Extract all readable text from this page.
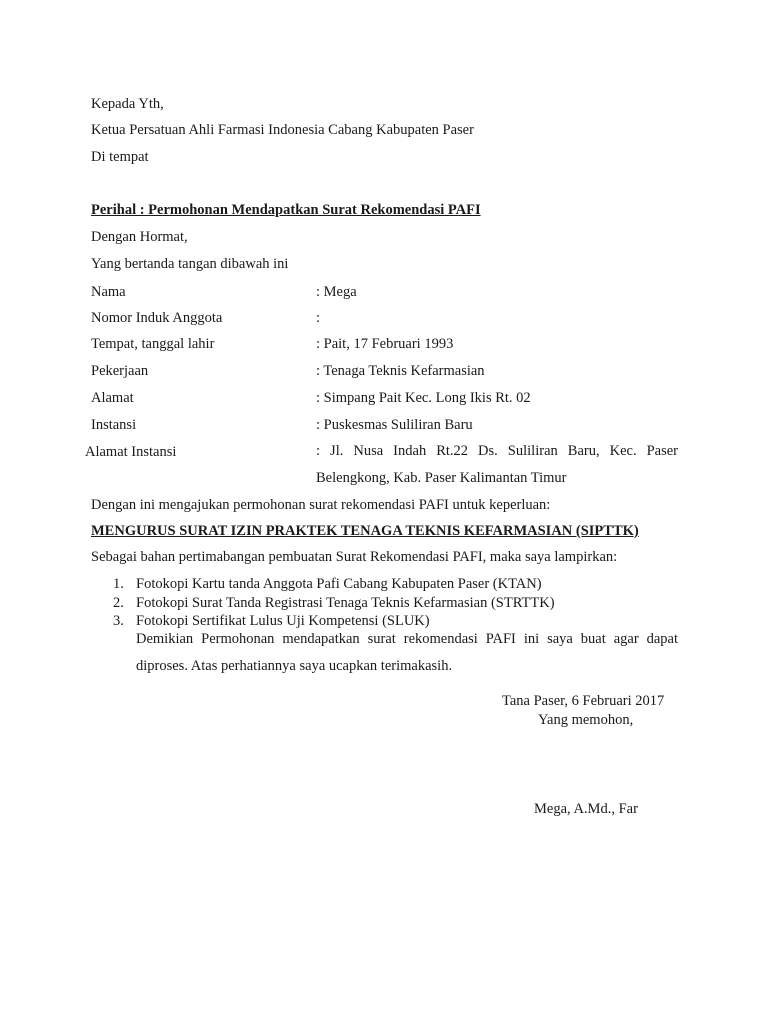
Kepada Yth,
Ketua Persatuan Ahli Farmasi Indonesia Cabang Kabupaten Paser
Di tempat
Perihal : Permohonan Mendapatkan Surat Rekomendasi PAFI
Dengan Hormat,
Yang bertanda tangan dibawah ini
Nama	: Mega
Nomor Induk Anggota	:
Tempat, tanggal lahir	: Pait, 17 Februari 1993
Pekerjaan	: Tenaga Teknis Kefarmasian
Alamat	: Simpang Pait Kec. Long Ikis Rt. 02
Instansi	: Puskesmas Suliliran Baru
Alamat Instansi	: Jl. Nusa Indah Rt.22 Ds. Suliliran Baru, Kec. Paser Belengkong, Kab. Paser Kalimantan Timur
Dengan ini mengajukan permohonan surat rekomendasi PAFI untuk keperluan:
MENGURUS SURAT IZIN PRAKTEK TENAGA TEKNIS KEFARMASIAN (SIPTTK)
Sebagai bahan pertimabangan pembuatan Surat Rekomendasi PAFI, maka saya lampirkan:
1. Fotokopi Kartu tanda Anggota Pafi Cabang Kabupaten Paser (KTAN)
2. Fotokopi Surat Tanda Registrasi Tenaga Teknis Kefarmasian (STRTTK)
3. Fotokopi Sertifikat Lulus Uji Kompetensi (SLUK)
Demikian Permohonan mendapatkan surat rekomendasi PAFI ini saya buat agar dapat diproses. Atas perhatiannya saya ucapkan terimakasih.
Tana Paser, 6 Februari 2017
Yang memohon,
Mega, A.Md., Far
